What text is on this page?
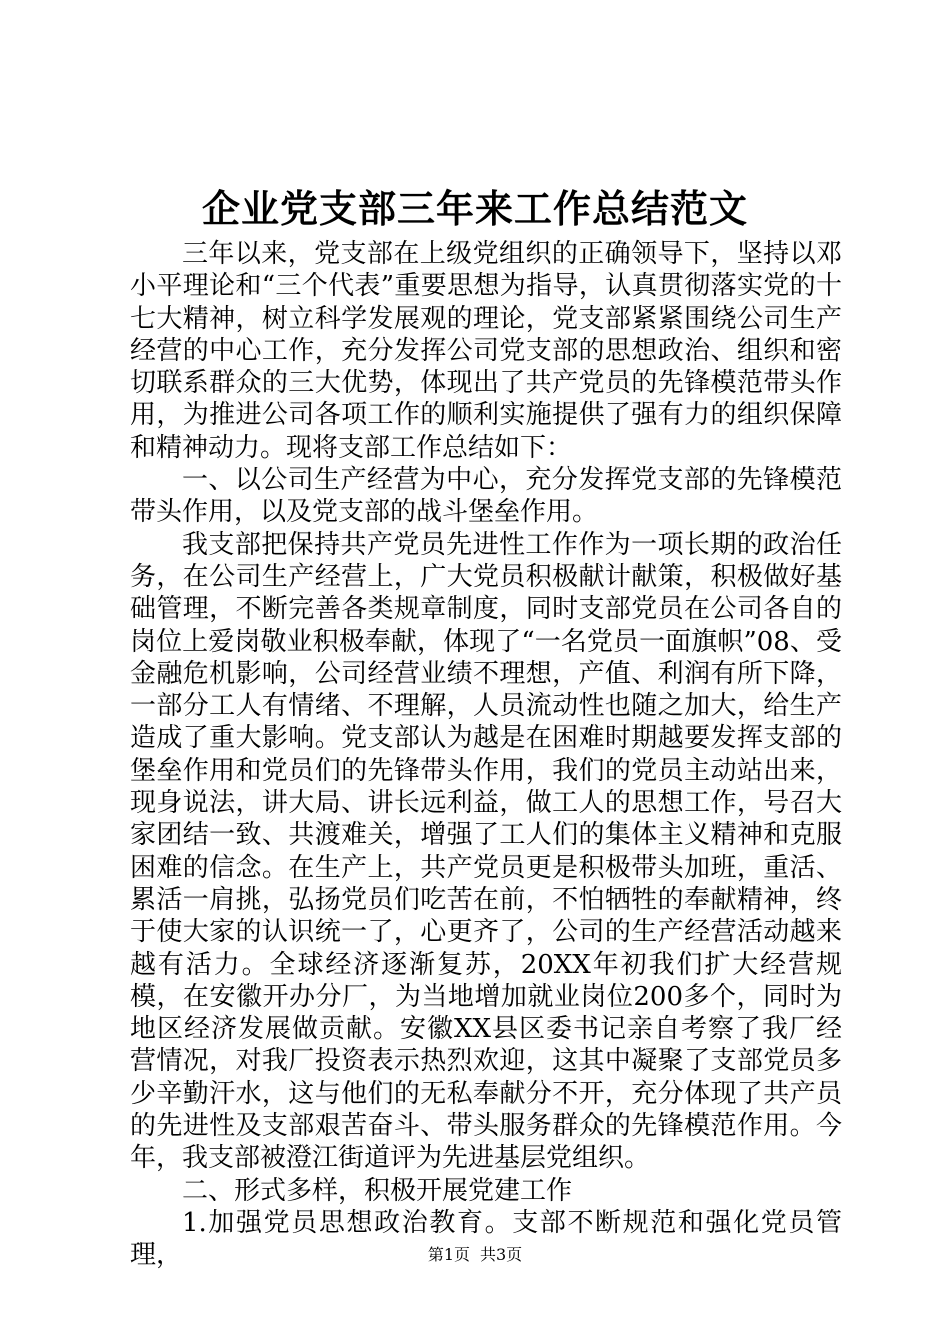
企业党支部三年来工作总结范文

三年以来，党支部在上级党组织的正确领导下，坚持以邓小平理论和“三个代表”重要思想为指导，认真贯彻落实党的十七大精神，树立科学发展观的理论，党支部紧紧围绕公司生产经营的中心工作，充分发挥公司党支部的思想政治、组织和密切联系群众的三大优势，体现出了共产党员的先锋模范带头作用，为推进公司各项工作的顺利实施提供了强有力的组织保障和精神动力。现将支部工作总结如下：

一、以公司生产经营为中心，充分发挥党支部的先锋模范带头作用，以及党支部的战斗堡垒作用。

我支部把保持共产党员先进性工作作为一项长期的政治任务，在公司生产经营上，广大党员积极献计献策，积极做好基础管理，不断完善各类规章制度，同时支部党员在公司各自的岗位上爱岗敬业积极奉献，体现了“一名党员一面旗帜”08、受金融危机影响，公司经营业绩不理想，产值、利润有所下降，一部分工人有情绪、不理解，人员流动性也随之加大，给生产造成了重大影响。党支部认为越是在困难时期越要发挥支部的堡垒作用和党员们的先锋带头作用，我们的党员主动站出来，现身说法，讲大局、讲长远利益，做工人的思想工作，号召大家团结一致、共渡难关，增强了工人们的集体主义精神和克服困难的信念。在生产上，共产党员更是积极带头加班，重活、累活一肩挑，弘扬党员们吃苦在前，不怕牺牲的奉献精神，终于使大家的认识统一了，心更齐了，公司的生产经营活动越来越有活力。全球经济逐渐复苏，20XX年初我们扩大经营规模，在安徽开办分厂，为当地增加就业岗位200多个，同时为地区经济发展做贡献。安徽XX县区委书记亲自考察了我厂经营情况，对我厂投资表示热烈欢迎，这其中凝聚了支部党员多少辛勤汗水，这与他们的无私奉献分不开，充分体现了共产员的先进性及支部艰苦奋斗、带头服务群众的先锋模范作用。今年，我支部被澄江街道评为先进基层党组织。

二、形式多样，积极开展党建工作

1.加强党员思想政治教育。支部不断规范和强化党员管理，	第1页 共3页
